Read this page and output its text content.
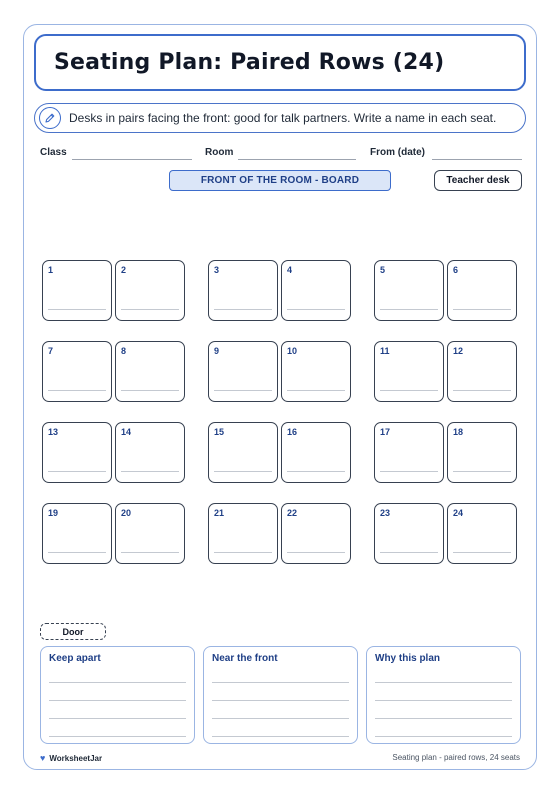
Seating Plan: Paired Rows (24)
Desks in pairs facing the front: good for talk partners. Write a name in each seat.
Class	Room	From (date)
FRONT OF THE ROOM - BOARD	Teacher desk
1	2	3	4	5	6
7	8	9	10	11	12
13	14	15	16	17	18
19	20	21	22	23	24
Door
Keep apart	Near the front	Why this plan
♥ WorksheetJar	Seating plan - paired rows, 24 seats
